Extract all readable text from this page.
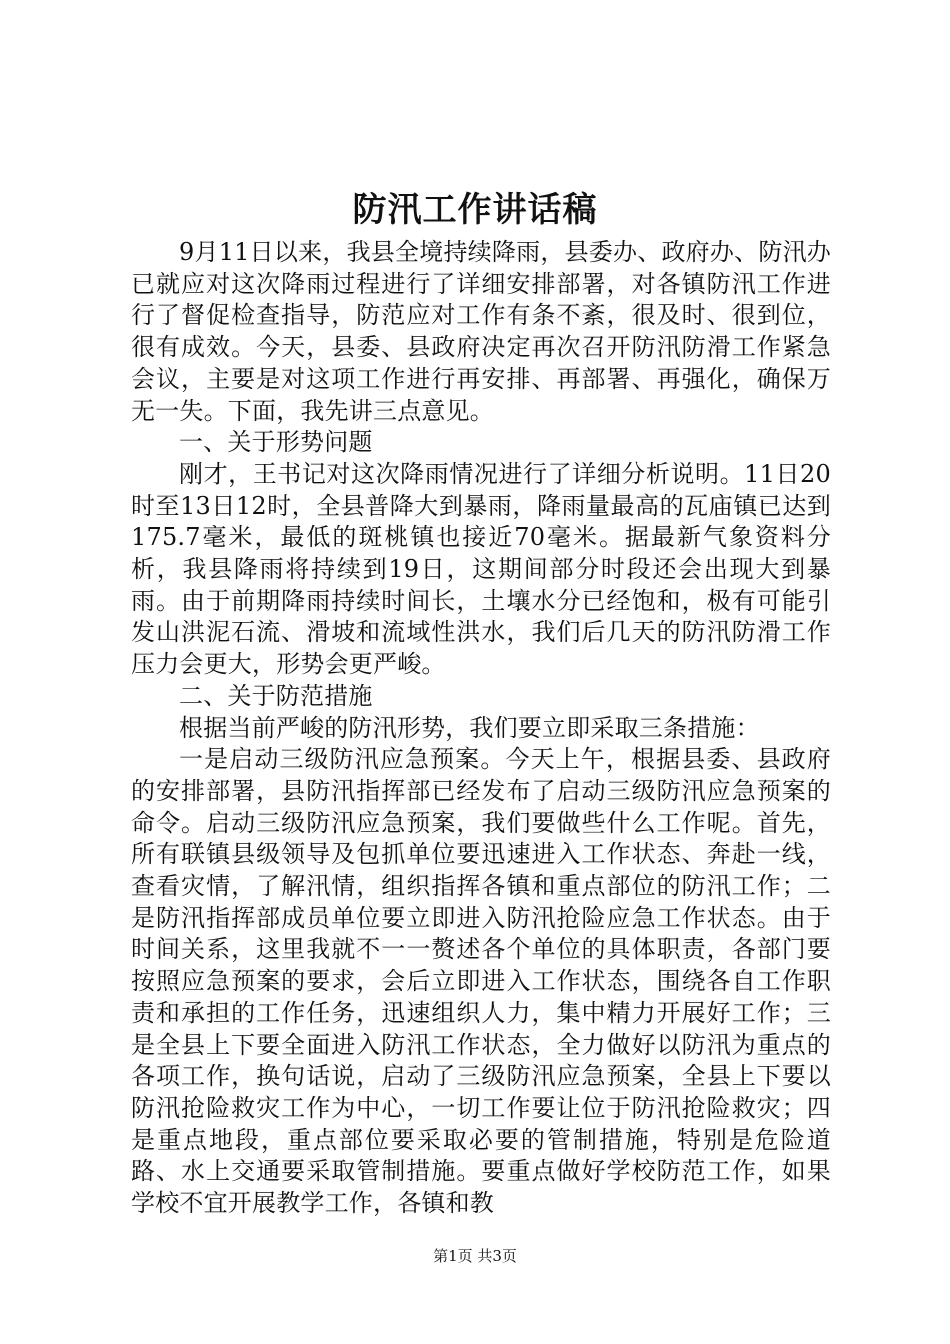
防汛工作讲话稿

9月11日以来，我县全境持续降雨，县委办、政府办、防汛办已就应对这次降雨过程进行了详细安排部署，对各镇防汛工作进行了督促检查指导，防范应对工作有条不紊，很及时、很到位，很有成效。今天，县委、县政府决定再次召开防汛防滑工作紧急会议，主要是对这项工作进行再安排、再部署、再强化，确保万无一失。下面，我先讲三点意见。

一、关于形势问题

刚才，王书记对这次降雨情况进行了详细分析说明。11日20时至13日12时，全县普降大到暴雨，降雨量最高的瓦庙镇已达到175.7毫米，最低的斑桃镇也接近70毫米。据最新气象资料分析，我县降雨将持续到19日，这期间部分时段还会出现大到暴雨。由于前期降雨持续时间长，土壤水分已经饱和，极有可能引发山洪泥石流、滑坡和流域性洪水，我们后几天的防汛防滑工作压力会更大，形势会更严峻。

二、关于防范措施

根据当前严峻的防汛形势，我们要立即采取三条措施：

一是启动三级防汛应急预案。今天上午，根据县委、县政府的安排部署，县防汛指挥部已经发布了启动三级防汛应急预案的命令。启动三级防汛应急预案，我们要做些什么工作呢。首先，所有联镇县级领导及包抓单位要迅速进入工作状态、奔赴一线，查看灾情，了解汛情，组织指挥各镇和重点部位的防汛工作；二是防汛指挥部成员单位要立即进入防汛抢险应急工作状态。由于时间关系，这里我就不一一赘述各个单位的具体职责，各部门要按照应急预案的要求，会后立即进入工作状态，围绕各自工作职责和承担的工作任务，迅速组织人力，集中精力开展好工作；三是全县上下要全面进入防汛工作状态，全力做好以防汛为重点的各项工作，换句话说，启动了三级防汛应急预案，全县上下要以防汛抢险救灾工作为中心，一切工作要让位于防汛抢险救灾；四是重点地段，重点部位要采取必要的管制措施，特别是危险道路、水上交通要采取管制措施。要重点做好学校防范工作，如果学校不宜开展教学工作，各镇和教

第1页 共3页
